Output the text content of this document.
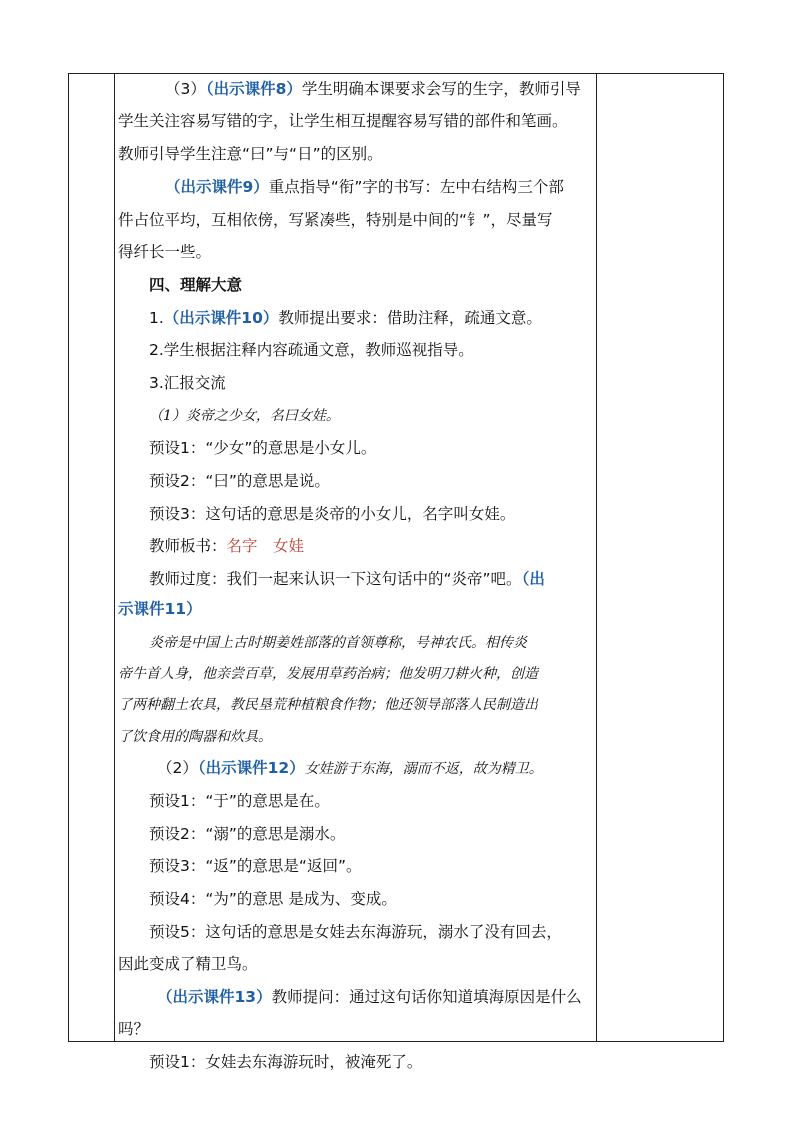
（3）（出示课件8）学生明确本课要求会写的生字，教师引导
学生关注容易写错的字，让学生相互提醒容易写错的部件和笔画。
教师引导学生注意“曰”与“日”的区别。
（出示课件9）重点指导“衔”字的书写：左中右结构三个部
件占位平均，互相依傍，写紧凑些，特别是中间的“钅”，尽量写
得纤长一些。
四、理解大意
1.（出示课件10）教师提出要求：借助注释，疏通文意。
2.学生根据注释内容疏通文意，教师巡视指导。
3.汇报交流
（1）炎帝之少女，名曰女娃。
预设1：“少女”的意思是小女儿。
预设2：“曰”的意思是说。
预设3：这句话的意思是炎帝的小女儿，名字叫女娃。
教师板书：名字　女娃
教师过度：我们一起来认识一下这句话中的“炎帝”吧。（出
示课件11）
炎帝是中国上古时期姜姓部落的首领尊称，号神农氏。相传炎
帝牛首人身，他亲尝百草，发展用草药治病；他发明刀耕火种，创造
了两种翻土农具，教民垦荒种植粮食作物；他还领导部落人民制造出
了饮食用的陶器和炊具。
（2）（出示课件12）女娃游于东海，溺而不返，故为精卫。
预设1：“于”的意思是在。
预设2：“溺”的意思是溺水。
预设3：“返”的意思是“返回”。
预设4：“为”的意思 是成为、变成。
预设5：这句话的意思是女娃去东海游玩，溺水了没有回去，
因此变成了精卫鸟。
（出示课件13）教师提问：通过这句话你知道填海原因是什么
吗？
预设1：女娃去东海游玩时，被淹死了。
